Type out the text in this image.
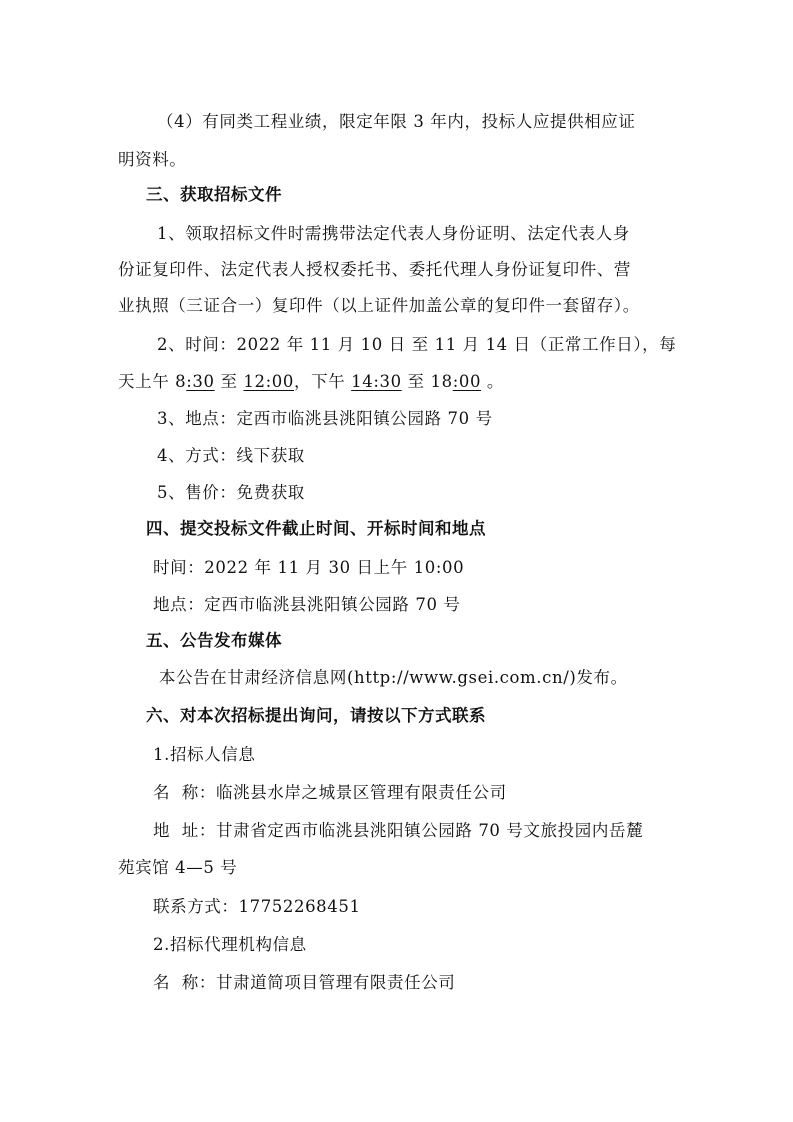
（4）有同类工程业绩，限定年限 3 年内，投标人应提供相应证
明资料。
三、获取招标文件
1、领取招标文件时需携带法定代表人身份证明、法定代表人身
份证复印件、法定代表人授权委托书、委托代理人身份证复印件、营
业执照（三证合一）复印件（以上证件加盖公章的复印件一套留存）。
2、时间：2022 年 11 月 10 日 至 11 月 14 日（正常工作日），每
天上午 8:30 至 12:00，下午 14:30 至 18:00 。
3、地点：定西市临洮县洮阳镇公园路 70 号
4、方式：线下获取
5、售价：免费获取
四、提交投标文件截止时间、开标时间和地点
时间：2022 年 11 月 30 日上午 10:00
地点：定西市临洮县洮阳镇公园路 70 号
五、公告发布媒体
本公告在甘肃经济信息网(http://www.gsei.com.cn/)发布。
六、对本次招标提出询问，请按以下方式联系
1.招标人信息
名  称：临洮县水岸之城景区管理有限责任公司
地  址：甘肃省定西市临洮县洮阳镇公园路 70 号文旅投园内岳麓
苑宾馆 4—5 号
联系方式：17752268451
2.招标代理机构信息
名  称：甘肃道简项目管理有限责任公司
